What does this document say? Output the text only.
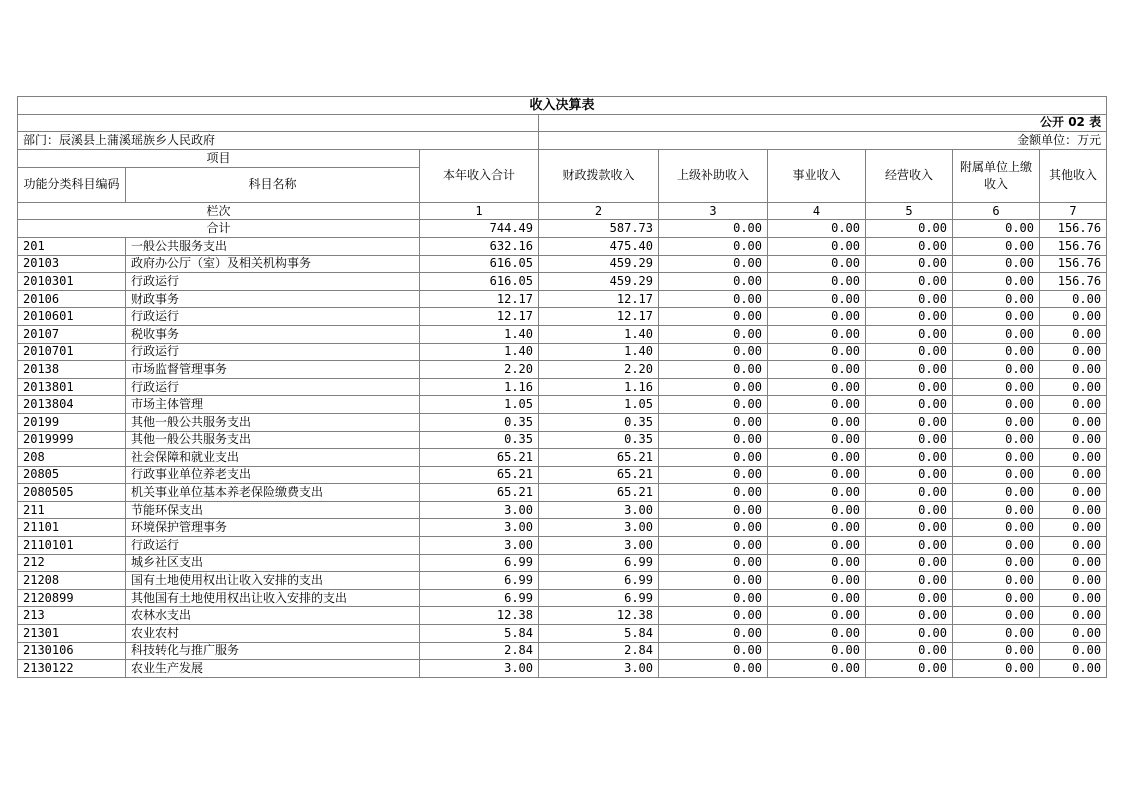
收入决算表								
			公开 02 表					
部门：辰溪县上蒲溪瑶族乡人民政府			金额单位：万元					
项目		本年收入合计	财政拨款收入	上级补助收入	事业收入	经营收入	附属单位上缴收入	其他收入
功能分类科目编码	科目名称							
栏次		1	2	3	4	5	6	7
合计		744.49	587.73	0.00	0.00	0.00	0.00	156.76
201	一般公共服务支出	632.16	475.40	0.00	0.00	0.00	0.00	156.76
20103	政府办公厅（室）及相关机构事务	616.05	459.29	0.00	0.00	0.00	0.00	156.76
2010301	行政运行	616.05	459.29	0.00	0.00	0.00	0.00	156.76
20106	财政事务	12.17	12.17	0.00	0.00	0.00	0.00	0.00
2010601	行政运行	12.17	12.17	0.00	0.00	0.00	0.00	0.00
20107	税收事务	1.40	1.40	0.00	0.00	0.00	0.00	0.00
2010701	行政运行	1.40	1.40	0.00	0.00	0.00	0.00	0.00
20138	市场监督管理事务	2.20	2.20	0.00	0.00	0.00	0.00	0.00
2013801	行政运行	1.16	1.16	0.00	0.00	0.00	0.00	0.00
2013804	市场主体管理	1.05	1.05	0.00	0.00	0.00	0.00	0.00
20199	其他一般公共服务支出	0.35	0.35	0.00	0.00	0.00	0.00	0.00
2019999	其他一般公共服务支出	0.35	0.35	0.00	0.00	0.00	0.00	0.00
208	社会保障和就业支出	65.21	65.21	0.00	0.00	0.00	0.00	0.00
20805	行政事业单位养老支出	65.21	65.21	0.00	0.00	0.00	0.00	0.00
2080505	机关事业单位基本养老保险缴费支出	65.21	65.21	0.00	0.00	0.00	0.00	0.00
211	节能环保支出	3.00	3.00	0.00	0.00	0.00	0.00	0.00
21101	环境保护管理事务	3.00	3.00	0.00	0.00	0.00	0.00	0.00
2110101	行政运行	3.00	3.00	0.00	0.00	0.00	0.00	0.00
212	城乡社区支出	6.99	6.99	0.00	0.00	0.00	0.00	0.00
21208	国有土地使用权出让收入安排的支出	6.99	6.99	0.00	0.00	0.00	0.00	0.00
2120899	其他国有土地使用权出让收入安排的支出	6.99	6.99	0.00	0.00	0.00	0.00	0.00
213	农林水支出	12.38	12.38	0.00	0.00	0.00	0.00	0.00
21301	农业农村	5.84	5.84	0.00	0.00	0.00	0.00	0.00
2130106	科技转化与推广服务	2.84	2.84	0.00	0.00	0.00	0.00	0.00
2130122	农业生产发展	3.00	3.00	0.00	0.00	0.00	0.00	0.00
